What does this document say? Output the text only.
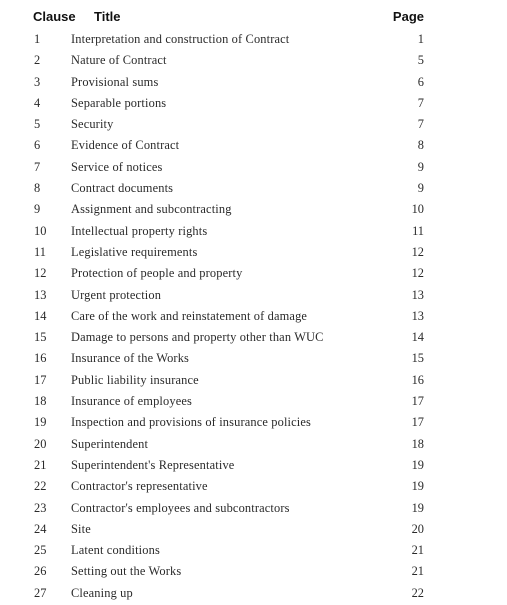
Clause Title	Page
1 Interpretation and construction of Contract	1
2 Nature of Contract	5
3 Provisional sums	6
4 Separable portions	7
5 Security	7
6 Evidence of Contract	8
7 Service of notices	9
8 Contract documents	9
9 Assignment and subcontracting	10
10 Intellectual property rights	11
11 Legislative requirements	12
12 Protection of people and property	12
13 Urgent protection	13
14 Care of the work and reinstatement of damage	13
15 Damage to persons and property other than WUC	14
16 Insurance of the Works	15
17 Public liability insurance	16
18 Insurance of employees	17
19 Inspection and provisions of insurance policies	17
20 Superintendent	18
21 Superintendent's Representative	19
22 Contractor's representative	19
23 Contractor's employees and subcontractors	19
24 Site	20
25 Latent conditions	21
26 Setting out the Works	21
27 Cleaning up	22
